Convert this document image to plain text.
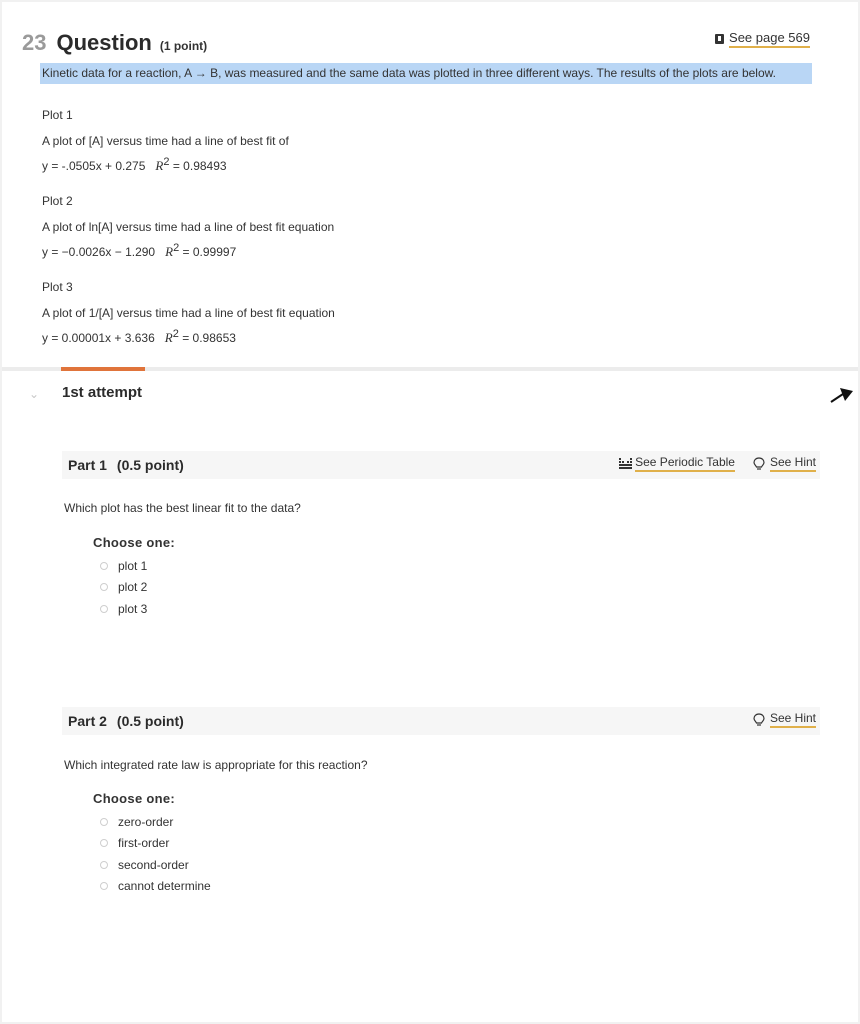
23 Question (1 point)
See page 569
Kinetic data for a reaction, A → B, was measured and the same data was plotted in three different ways. The results of the plots are below.
Plot 1
A plot of [A] versus time had a line of best fit of
y = -.0505x + 0.275 $R^2 = 0.98493$
Plot 2
A plot of ln[A] versus time had a line of best fit equation
y = −0.0026x − 1.290 $R^2 = 0.99997$
Plot 3
A plot of 1/[A] versus time had a line of best fit equation
y = 0.00001x + 3.636 $R^2 = 0.98653$
⌄ 1st attempt
Part 1 (0.5 point)	See Periodic Table	See Hint
Which plot has the best linear fit to the data?
Choose one:
plot 1
plot 2
plot 3
Part 2 (0.5 point)	See Hint
Which integrated rate law is appropriate for this reaction?
Choose one:
zero-order
first-order
second-order
cannot determine
